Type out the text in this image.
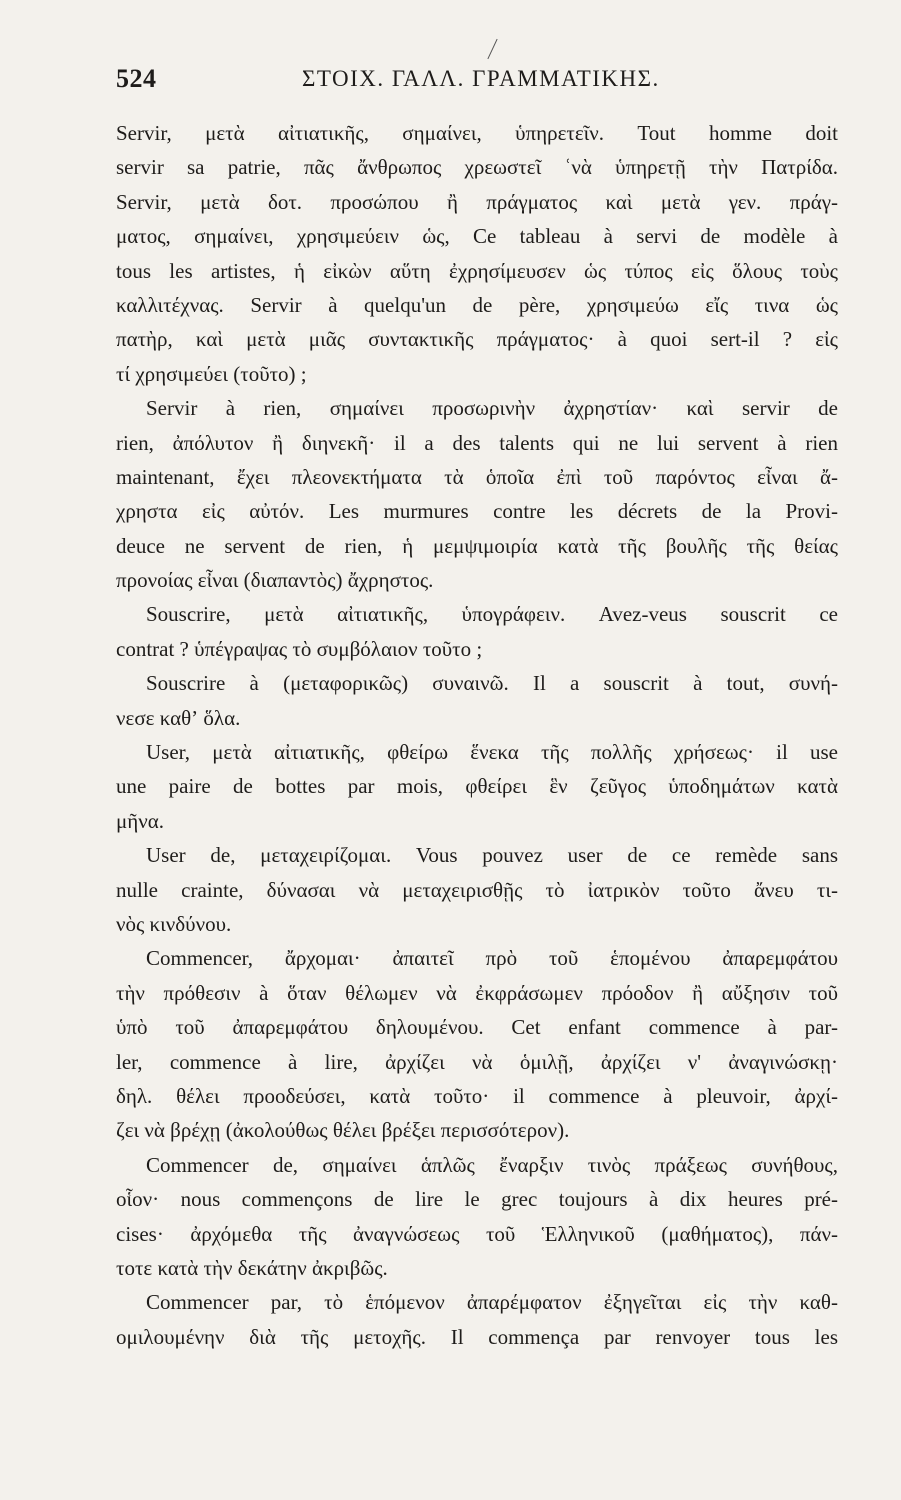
524	ΣΤΟΙΧ. ΓΑΛΛ. ΓΡΑΜΜΑΤΙΚΗΣ.
Servir, μετὰ αἰτιατικῆς, σημαίνει, ὑπηρετεῖν. Tout homme doit
servir sa patrie, πᾶς ἄνθρωπος χρεωστεῖ ʿνὰ ὑπηρετῇ τὴν Πατρίδα.
Servir, μετὰ δοτ. προσώπου ἢ πράγματος καὶ μετὰ γεν. πράγ-
ματος, σημαίνει, χρησιμεύειν ὡς, Ce tableau à servi de modèle à
tous les artistes, ἡ εἰκὼν αὕτη ἐχρησίμευσεν ὡς τύπος εἰς ὅλους τοὺς
καλλιτέχνας. Servir à quelqu'un de père, χρησιμεύω εἴς τινα ὡς
πατὴρ, καὶ μετὰ μιᾶς συντακτικῆς πράγματος· à quoi sert-il ? εἰς
τί χρησιμεύει (τοῦτο) ;
Servir à rien, σημαίνει προσωρινὴν ἀχρηστίαν· καὶ servir de
rien, ἀπόλυτον ἢ διηνεκῆ· il a des talents qui ne lui servent à rien
maintenant, ἔχει πλεονεκτήματα τὰ ὁποῖα ἐπὶ τοῦ παρόντος εἶναι ἄ-
χρηστα εἰς αὐτόν. Les murmures contre les décrets de la Provi-
deuce ne servent de rien, ἡ μεμψιμοιρία κατὰ τῆς βουλῆς τῆς θείας
προνοίας εἶναι (διαπαντὸς) ἄχρηστος.
Souscrire, μετὰ αἰτιατικῆς, ὑπογράφειν. Avez-veus souscrit ce
contrat ? ὑπέγραψας τὸ συμβόλαιον τοῦτο ;
Souscrire à (μεταφορικῶς) συναινῶ. Il a souscrit à tout, συνή-
νεσε καθʼ ὅλα.
User, μετὰ αἰτιατικῆς, φθείρω ἕνεκα τῆς πολλῆς χρήσεως· il use
une paire de bottes par mois, φθείρει ἓν ζεῦγος ὑποδημάτων κατὰ
μῆνα.
User de, μεταχειρίζομαι. Vous pouvez user de ce remède sans
nulle crainte, δύνασαι νὰ μεταχειρισθῇς τὸ ἰατρικὸν τοῦτο ἄνευ τι-
νὸς κινδύνου.
Commencer, ἄρχομαι· ἀπαιτεῖ πρὸ τοῦ ἑπομένου ἀπαρεμφάτου
τὴν πρόθεσιν à ὅταν θέλωμεν νὰ ἐκφράσωμεν πρόοδον ἢ αὔξησιν τοῦ
ὑπὸ τοῦ ἀπαρεμφάτου δηλουμένου. Cet enfant commence à par-
ler, commence à lire, ἀρχίζει νὰ ὁμιλῇ, ἀρχίζει ν' ἀναγινώσκῃ·
δηλ. θέλει προοδεύσει, κατὰ τοῦτο· il commence à pleuvoir, ἀρχί-
ζει νὰ βρέχῃ (ἀκολούθως θέλει βρέξει περισσότερον).
Commencer de, σημαίνει ἁπλῶς ἔναρξιν τινὸς πράξεως συνήθους,
οἷον· nous commençons de lire le grec toujours à dix heures pré-
cises· ἀρχόμεθα τῆς ἀναγνώσεως τοῦ Ἑλληνικοῦ (μαθήματος), πάν-
τοτε κατὰ τὴν δεκάτην ἀκριβῶς.
Commencer par, τὸ ἑπόμενον ἀπαρέμφατον ἐξηγεῖται εἰς τὴν καθ-
ομιλουμένην διὰ τῆς μετοχῆς. Il commença par renvoyer tous les
